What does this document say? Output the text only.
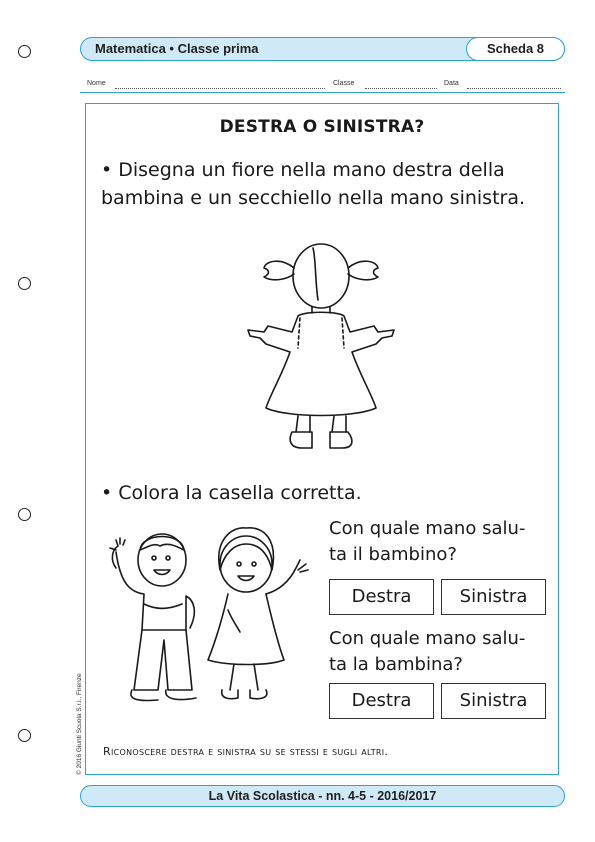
Matematica • Classe prima	Scheda 8
Nome	Classe	Data
DESTRA O SINISTRA?
• Disegna un fiore nella mano destra della
bambina e un secchiello nella mano sinistra.
• Colora la casella corretta.
Con quale mano salu-
ta il bambino?
Destra	Sinistra
Con quale mano salu-
ta la bambina?
Destra	Sinistra
Riconoscere destra e sinistra su se stessi e sugli altri.
© 2016 Giunti Scuola S.r.l., Firenze
La Vita Scolastica - nn. 4-5 - 2016/2017
